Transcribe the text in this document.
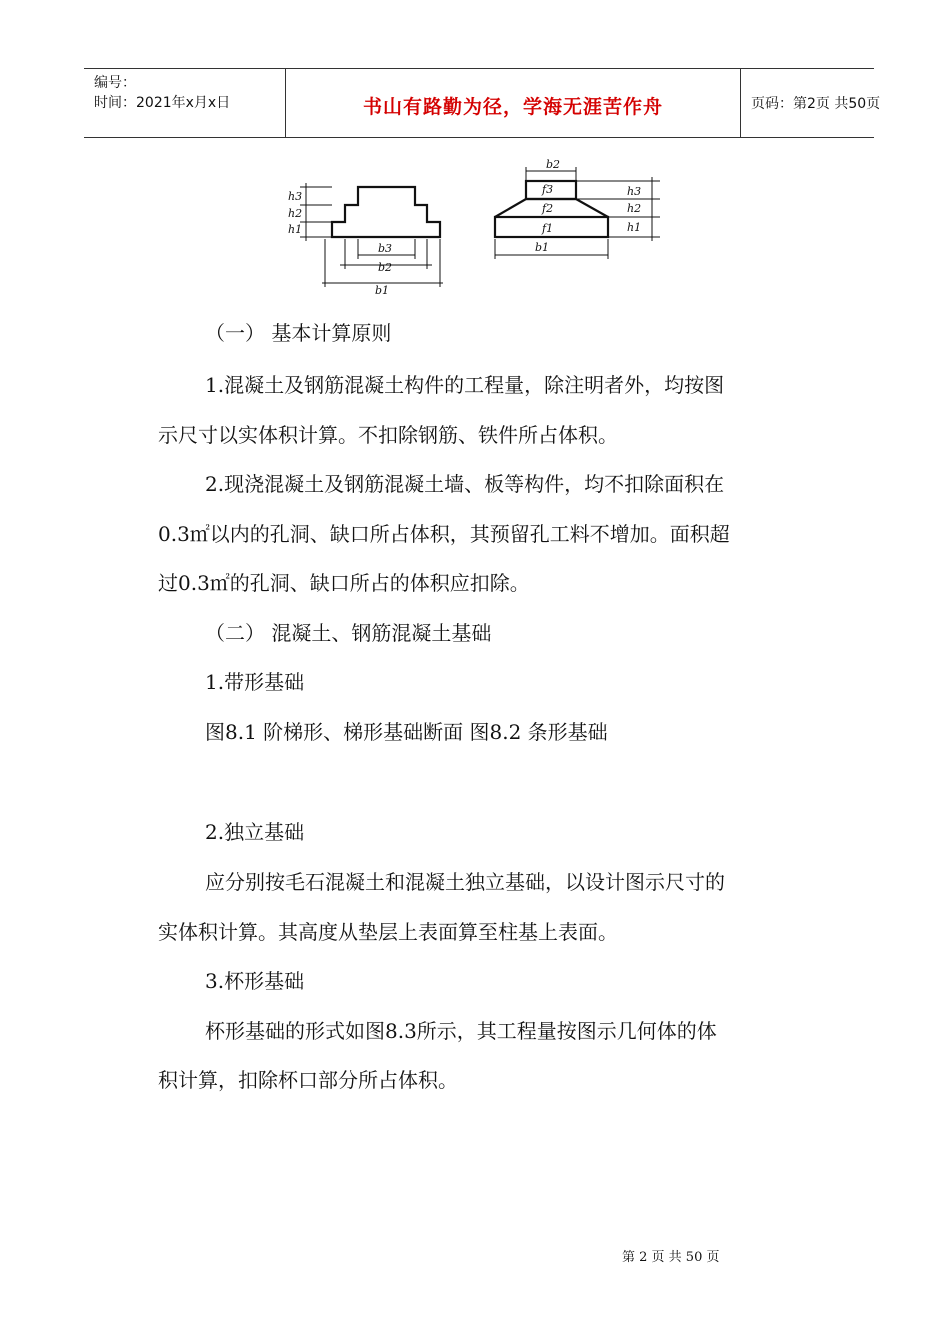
编号：
时间：2021年x月x日	书山有路勤为径，学海无涯苦作舟	页码：第2页 共50页
h3
h2
h1
b3
b2
b1
b2
f3
f2
f1
b1
h3
h2
h1
（一） 基本计算原则
1.混凝土及钢筋混凝土构件的工程量，除注明者外，均按图
示尺寸以实体积计算。不扣除钢筋、铁件所占体积。
2.现浇混凝土及钢筋混凝土墙、板等构件，均不扣除面积在
0.3㎡以内的孔洞、缺口所占体积，其预留孔工料不增加。面积超
过0.3㎡的孔洞、缺口所占的体积应扣除。
（二） 混凝土、钢筋混凝土基础
1.带形基础
图8.1 阶梯形、梯形基础断面 图8.2 条形基础
2.独立基础
应分别按毛石混凝土和混凝土独立基础，以设计图示尺寸的
实体积计算。其高度从垫层上表面算至柱基上表面。
3.杯形基础
杯形基础的形式如图8.3所示，其工程量按图示几何体的体
积计算，扣除杯口部分所占体积。
第 2 页 共 50 页
